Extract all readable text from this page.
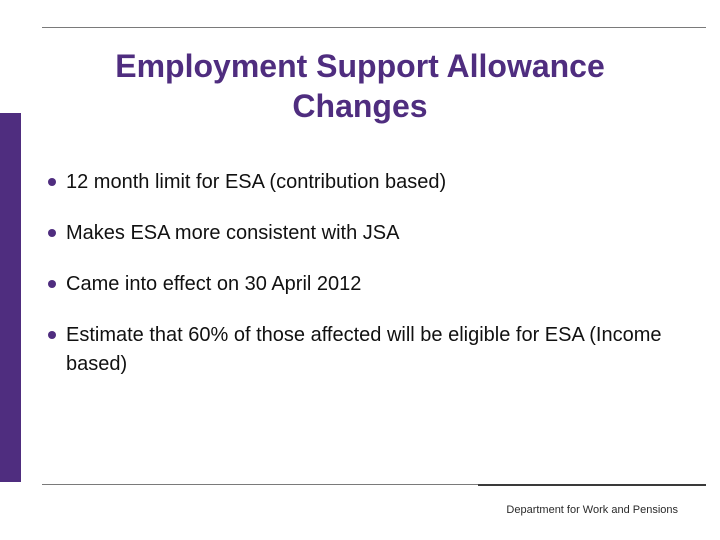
Employment Support Allowance Changes
12 month limit for ESA (contribution based)
Makes ESA more consistent with JSA
Came into effect on 30 April 2012
Estimate that 60% of those affected will be eligible for ESA (Income based)
Department for Work and Pensions
